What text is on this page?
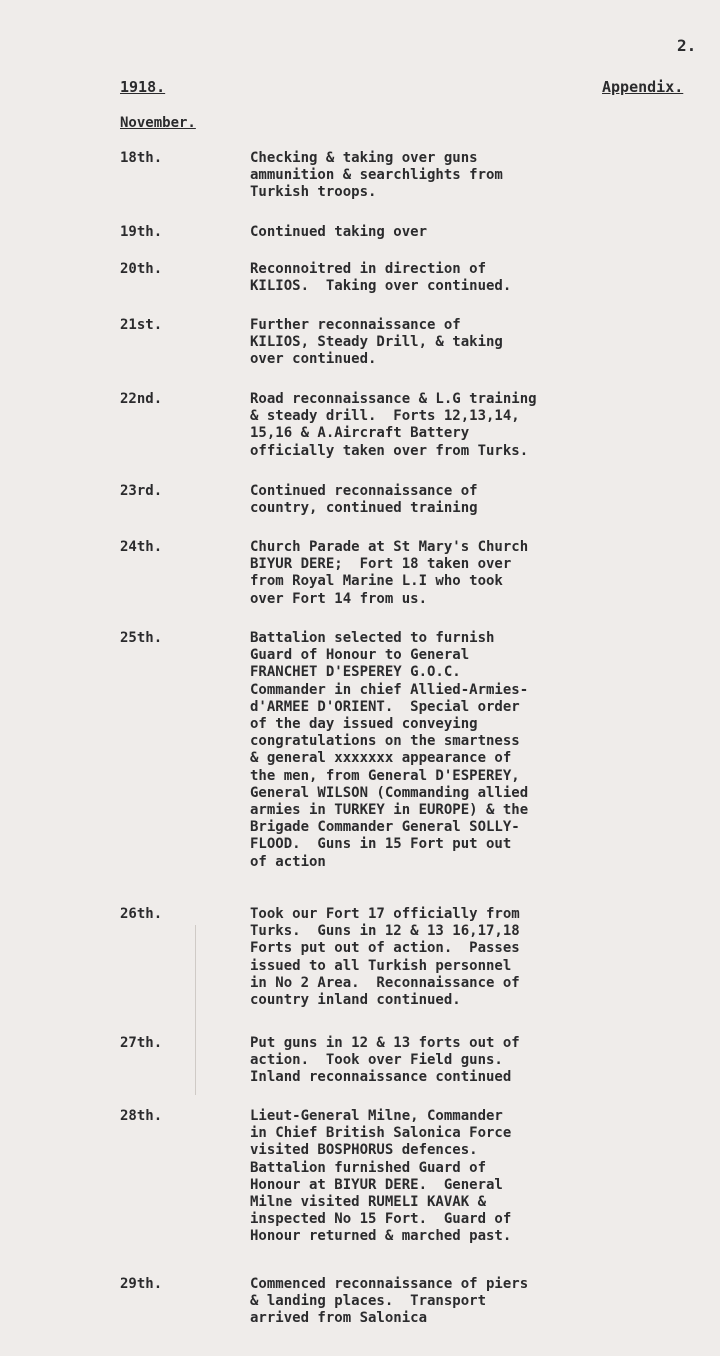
2.
1918.	Appendix.
November.
18th.	Checking & taking over guns
ammunition & searchlights from
Turkish troops.
19th.	Continued taking over
20th.	Reconnoitred in direction of
KILIOS.  Taking over continued.
21st.	Further reconnaissance of
KILIOS, Steady Drill, & taking
over continued.
22nd.	Road reconnaissance & L.G training
& steady drill.  Forts 12,13,14,
15,16 & A.Aircraft Battery
officially taken over from Turks.
23rd.	Continued reconnaissance of
country, continued training
24th.	Church Parade at St Mary's Church
BIYUR DERE;  Fort 18 taken over
from Royal Marine L.I who took
over Fort 14 from us.
25th.	Battalion selected to furnish
Guard of Honour to General
FRANCHET D'ESPEREY G.O.C.
Commander in chief Allied-Armies-
d'ARMEE D'ORIENT.  Special order
of the day issued conveying
congratulations on the smartness
& general xxxxxxx appearance of
the men, from General D'ESPEREY,
General WILSON (Commanding allied
armies in TURKEY in EUROPE) & the
Brigade Commander General SOLLY-
FLOOD.  Guns in 15 Fort put out
of action
26th.	Took our Fort 17 officially from
Turks.  Guns in 12 & 13 16,17,18
Forts put out of action.  Passes
issued to all Turkish personnel
in No 2 Area.  Reconnaissance of
country inland continued.
27th.	Put guns in 12 & 13 forts out of
action.  Took over Field guns.
Inland reconnaissance continued
28th.	Lieut-General Milne, Commander
in Chief British Salonica Force
visited BOSPHORUS defences.
Battalion furnished Guard of
Honour at BIYUR DERE.  General
Milne visited RUMELI KAVAK &
inspected No 15 Fort.  Guard of
Honour returned & marched past.
29th.	Commenced reconnaissance of piers
& landing places.  Transport
arrived from Salonica
